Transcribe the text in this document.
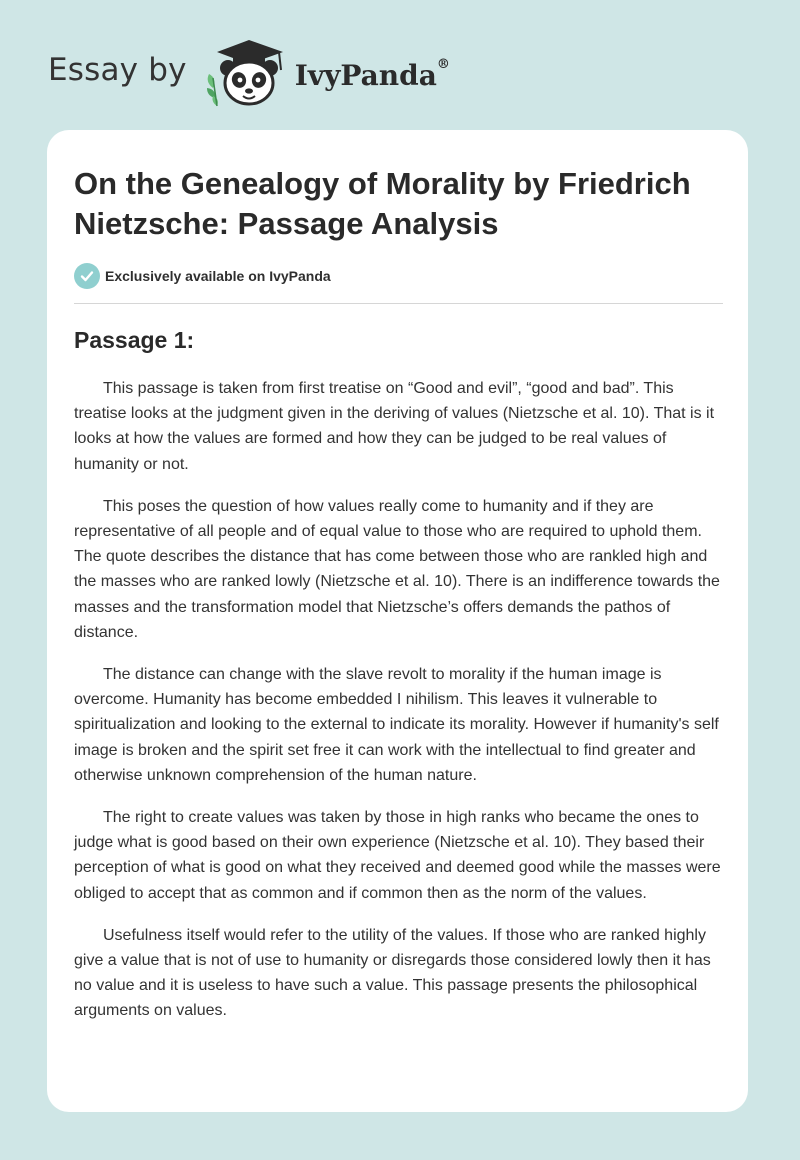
Essay by	IvyPanda®
On the Genealogy of Morality by Friedrich Nietzsche: Passage Analysis
Exclusively available on IvyPanda
Passage 1:

This passage is taken from first treatise on “Good and evil”, “good and bad”. This treatise looks at the judgment given in the deriving of values (Nietzsche et al. 10). That is it looks at how the values are formed and how they can be judged to be real values of humanity or not.

This poses the question of how values really come to humanity and if they are representative of all people and of equal value to those who are required to uphold them. The quote describes the distance that has come between those who are rankled high and the masses who are ranked lowly (Nietzsche et al. 10). There is an indifference towards the masses and the transformation model that Nietzsche’s offers demands the pathos of distance.

The distance can change with the slave revolt to morality if the human image is overcome. Humanity has become embedded I nihilism. This leaves it vulnerable to spiritualization and looking to the external to indicate its morality. However if humanity's self image is broken and the spirit set free it can work with the intellectual to find greater and otherwise unknown comprehension of the human nature.

The right to create values was taken by those in high ranks who became the ones to judge what is good based on their own experience (Nietzsche et al. 10). They based their perception of what is good on what they received and deemed good while the masses were obliged to accept that as common and if common then as the norm of the values.

Usefulness itself would refer to the utility of the values. If those who are ranked highly give a value that is not of use to humanity or disregards those considered lowly then it has no value and it is useless to have such a value. This passage presents the philosophical arguments on values.
